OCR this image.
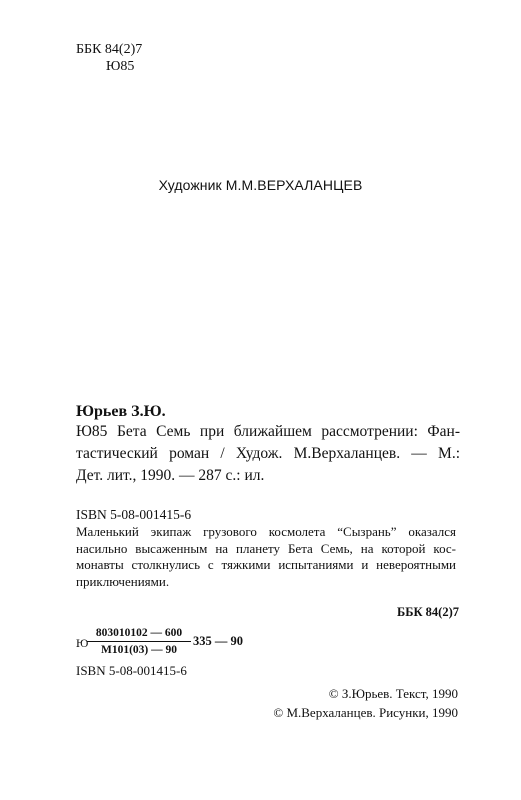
ББК 84(2)7
Ю85
Художник М.М.ВЕРХАЛАНЦЕВ
Юрьев З.Ю.
Ю85 Бета Семь при ближайшем рассмотрении: Фан-
тастический роман / Худож. М.Верхаланцев. — М.:
Дет. лит., 1990. — 287 с.: ил.
ISBN 5-08-001415-6
Маленький экипаж грузового космолета “Сызрань” оказался
насильно высаженным на планету Бета Семь, на которой кос-
монавты столкнулись с тяжкими испытаниями и невероятными
приключениями.
ББК 84(2)7
Ю
803010102 — 600
М101(03) — 90
335 — 90
ISBN 5-08-001415-6
© З.Юрьев. Текст, 1990
© М.Верхаланцев. Рисунки, 1990
